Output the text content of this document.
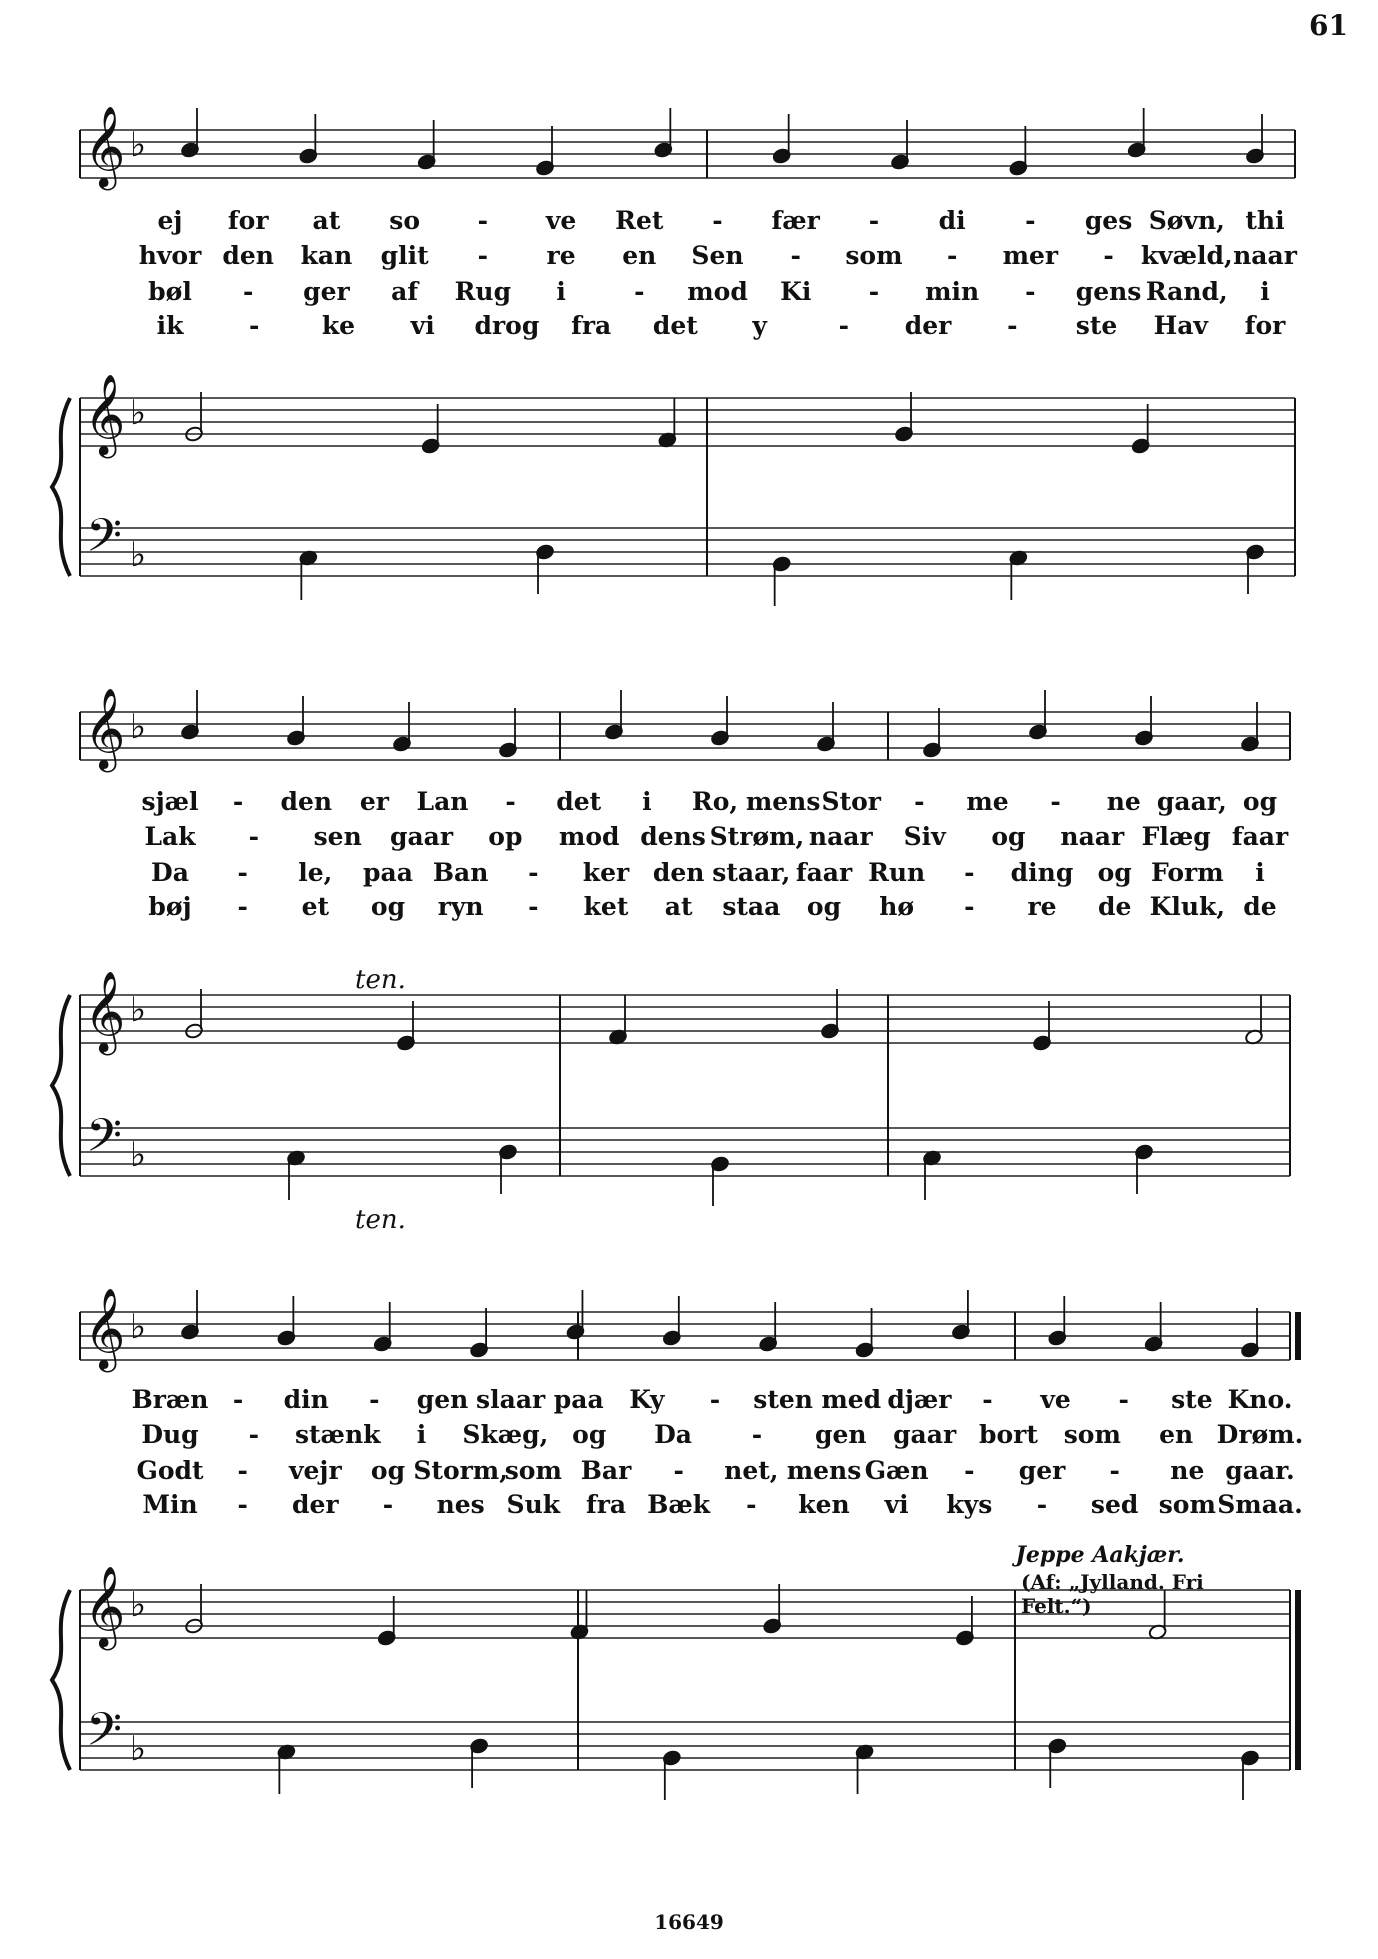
𝄞
𝄞
𝄢
♭
♭
♭
𝄞
𝄞
𝄢
♭
♭
♭
𝄞
𝄞
𝄢
♭
♭
♭
61
ej for at so - ve Ret - fær - di - ges Søvn, thi
hvor den kan glit - re en Sen - som - mer - kvæld, naar
bøl - ger af Rug i	- mod Ki - min - gens Rand, i
ik	- ke vi drog fra det y	- der - ste Hav for
sjæl - den er Lan - det i Ro, mens Stor - me - ne gaar, og
Lak - sen gaar op mod dens Strøm, naar Siv og naar Flæg faar
Da - le, paa Ban - ker den staar, faar Run - ding og Form i
bøj - et og ryn - ket at staa og hø - re de Kluk, de
Bræn - din - gen slaar paa Ky - sten med djær - ve - ste Kno.
Dug - stænk i Skæg, og Da - gen gaar bort som en Drøm.
Godt - vejr og Storm,
som Bar - net, mens Gæn - ger - ne gaar.
Min - der - nes Suk fra Bæk - ken vi kys - sed som Smaa.
ten.
ten.
Jeppe Aakjær.
(Af: „Jylland. Fri Felt.“)
16649
